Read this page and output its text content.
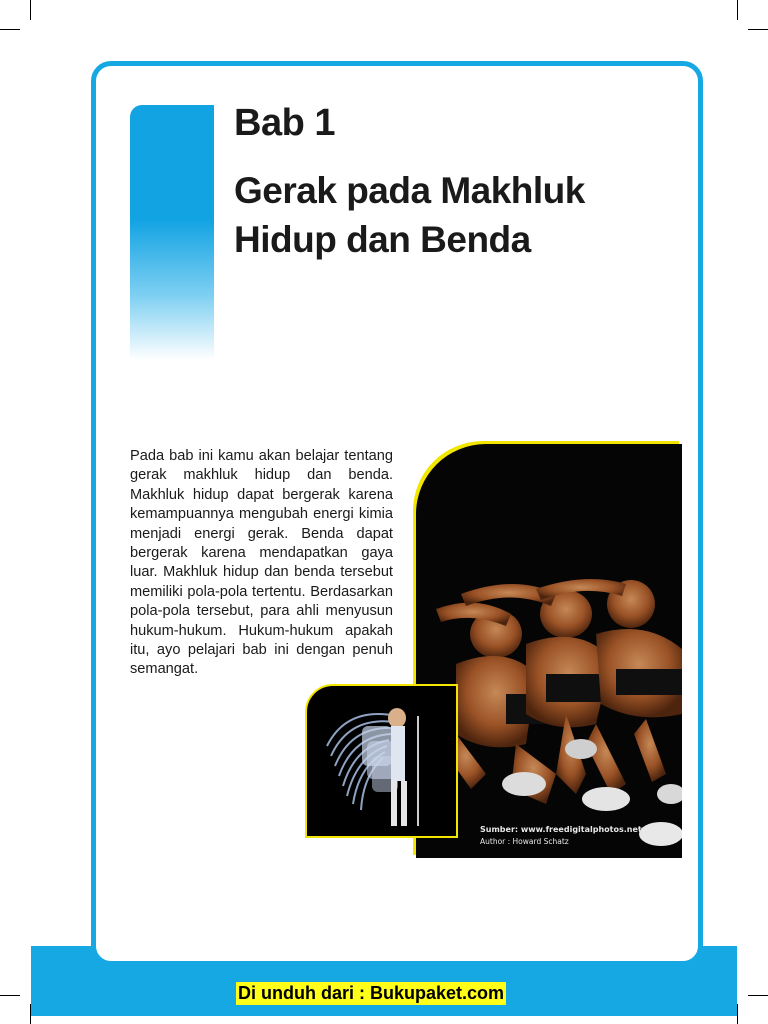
Bab 1
Gerak pada Makhluk Hidup dan Benda

Pada bab ini kamu akan belajar tentang gerak makhluk hidup dan benda. Makhluk hidup dapat bergerak karena kemampuannya mengubah energi kimia menjadi energi gerak. Benda dapat bergerak karena mendapatkan gaya luar. Makhluk hidup dan benda tersebut memiliki pola-pola tertentu. Berdasarkan pola-pola tersebut, para ahli menyusun hukum-hukum. Hukum-hukum apakah itu, ayo pelajari bab ini dengan penuh semangat.

Sumber: www.freedigitalphotos.net
Author : Howard Schatz

Di unduh dari : Bukupaket.com
